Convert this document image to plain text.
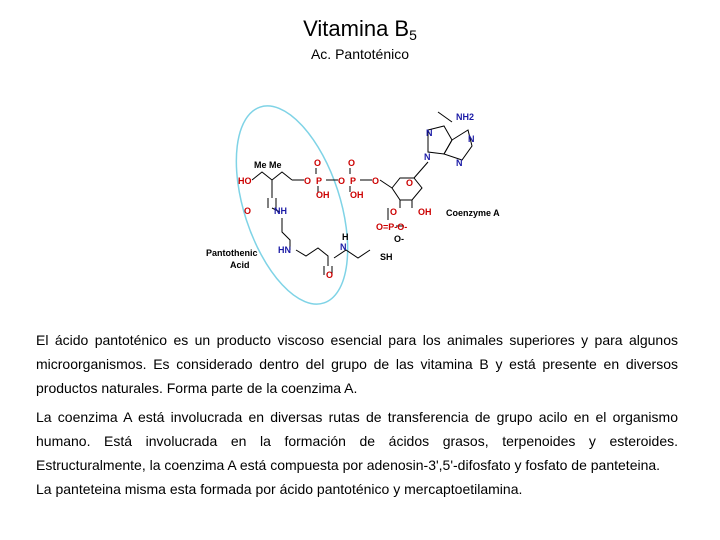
Vitamina $B_5$
Ac. Pantoténico
HO
O
O	O
P	P
O	O	O
OH OH
O
O OH
O=P-O-
O
NH
HN	N
NH2
N
N
N
N
Me Me
Pantothenic
Acid
Coenzyme A
SH
H	O-
El ácido pantoténico es un producto viscoso esencial para los animales superiores y para algunos microorganismos. Es considerado dentro del grupo de las vitamina B y está presente en diversos productos naturales. Forma parte de la coenzima A.
La coenzima A está involucrada en diversas rutas de transferencia de grupo acilo en el organismo humano. Está involucrada en la formación de ácidos grasos, terpenoides y esteroides. Estructuralmente, la coenzima A está compuesta por adenosin-3',5'-difosfato y fosfato de panteteina.
La panteteina misma esta formada por ácido pantoténico y mercaptoetilamina.
